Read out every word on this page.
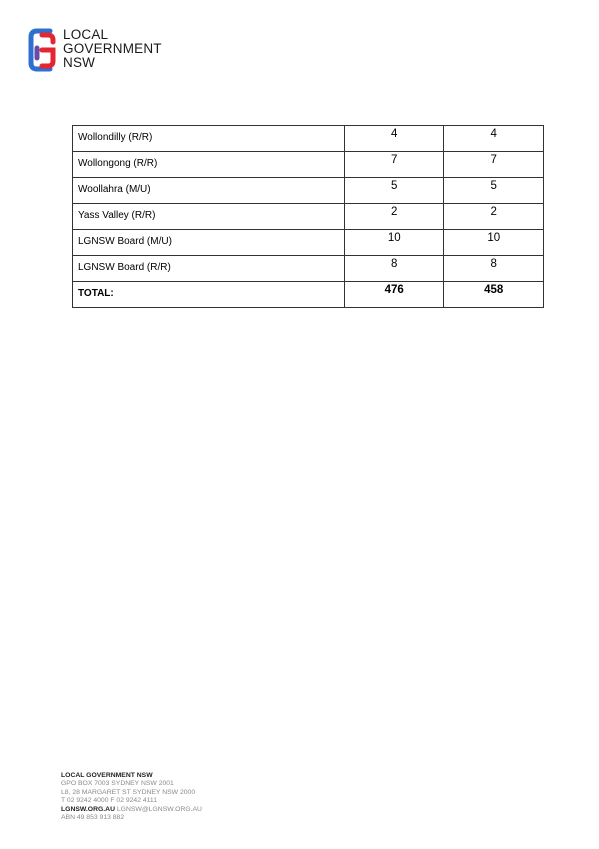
LOCAL
GOVERNMENT
NSW
Wollondilly (R/R)	4	4
Wollongong (R/R)	7	7
Woollahra (M/U)	5	5
Yass Valley (R/R)	2	2
LGNSW Board (M/U)	10	10
LGNSW Board (R/R)	8	8
TOTAL:	476	458
LOCAL GOVERNMENT NSW
GPO BOX 7003 SYDNEY NSW 2001
L8, 28 MARGARET ST SYDNEY NSW 2000
T 02 9242 4000 F 02 9242 4111
LGNSW.ORG.AU LGNSW@LGNSW.ORG.AU
ABN 49 853 913 882
